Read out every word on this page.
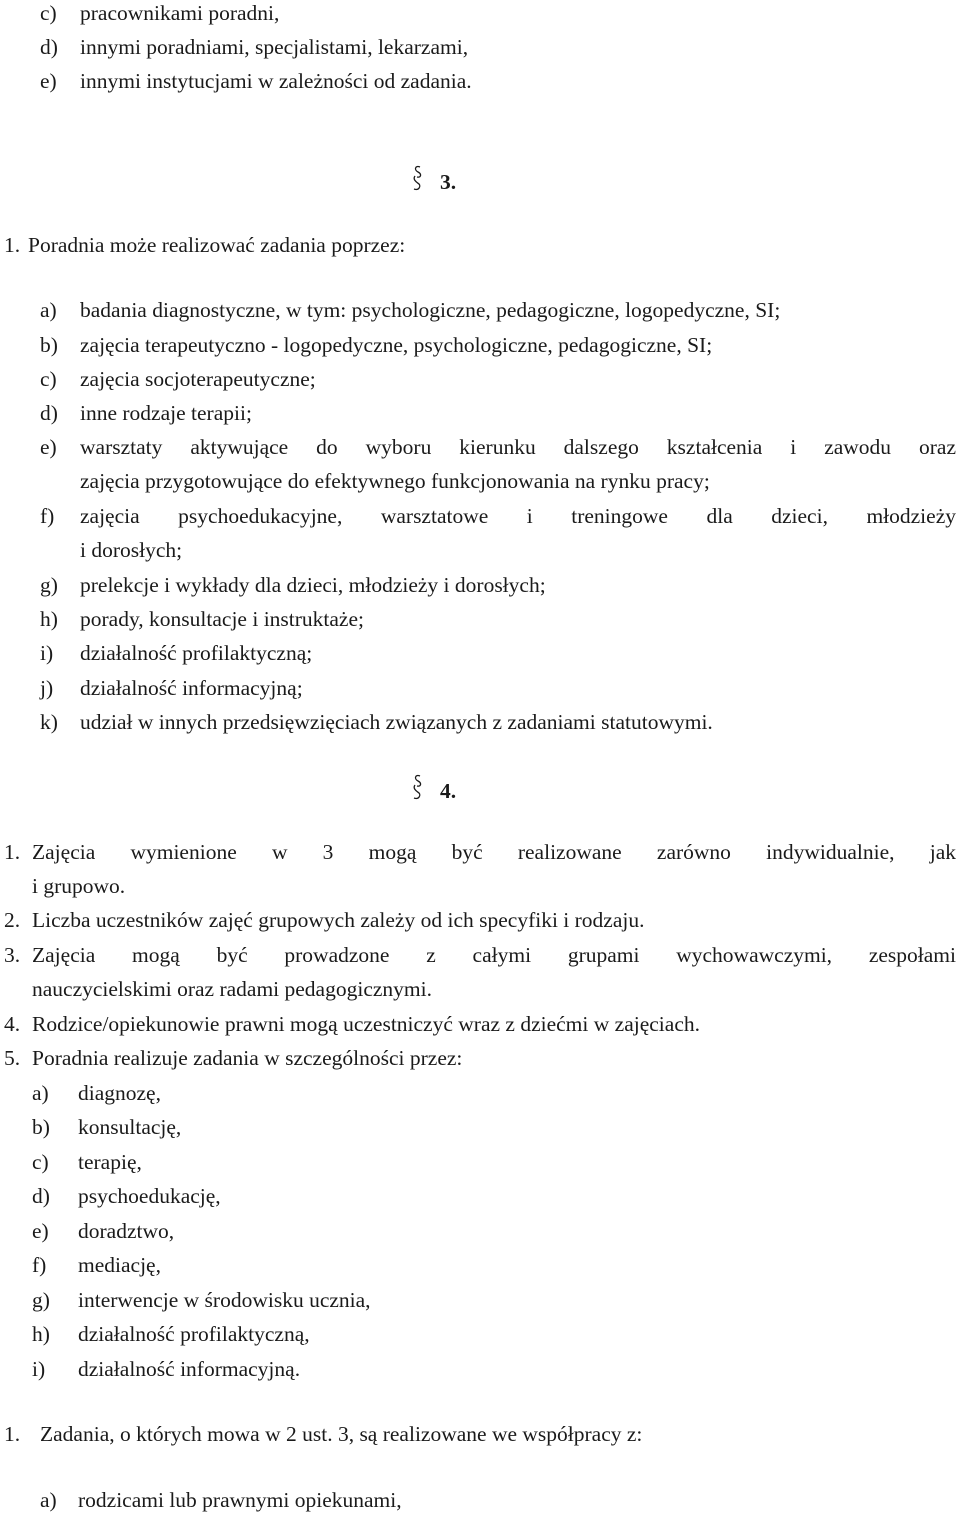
c) pracownikami poradni,
d) innymi poradniami, specjalistami, lekarzami,
e) innymi instytucjami w zależności od zadania.
3.
1. Poradnia może realizować zadania poprzez:
a) badania diagnostyczne, w tym: psychologiczne, pedagogiczne, logopedyczne, SI;
b) zajęcia terapeutyczno - logopedyczne, psychologiczne, pedagogiczne, SI;
c) zajęcia socjoterapeutyczne;
d) inne rodzaje terapii;
e) warsztaty aktywujące do wyboru kierunku dalszego kształcenia i zawodu oraz
zajęcia przygotowujące do efektywnego funkcjonowania na rynku pracy;
f) zajęcia psychoedukacyjne, warsztatowe i treningowe dla dzieci, młodzieży
i dorosłych;
g) prelekcje i wykłady dla dzieci, młodzieży i dorosłych;
h) porady, konsultacje i instruktaże;
i) działalność profilaktyczną;
j) działalność informacyjną;
k) udział w innych przedsięwzięciach związanych z zadaniami statutowymi.
4.
1. Zajęcia wymienione w 3 mogą być realizowane zarówno indywidualnie, jak
i grupowo.
2. Liczba uczestników zajęć grupowych zależy od ich specyfiki i rodzaju.
3. Zajęcia mogą być prowadzone z całymi grupami wychowawczymi, zespołami
nauczycielskimi oraz radami pedagogicznymi.
4. Rodzice/opiekunowie prawni mogą uczestniczyć wraz z dziećmi w zajęciach.
5. Poradnia realizuje zadania w szczególności przez:
a) diagnozę,
b) konsultację,
c) terapię,
d) psychoedukację,
e) doradztwo,
f) mediację,
g) interwencje w środowisku ucznia,
h) działalność profilaktyczną,
i) działalność informacyjną.
1. Zadania, o których mowa w 2 ust. 3, są realizowane we współpracy z:
a) rodzicami lub prawnymi opiekunami,
